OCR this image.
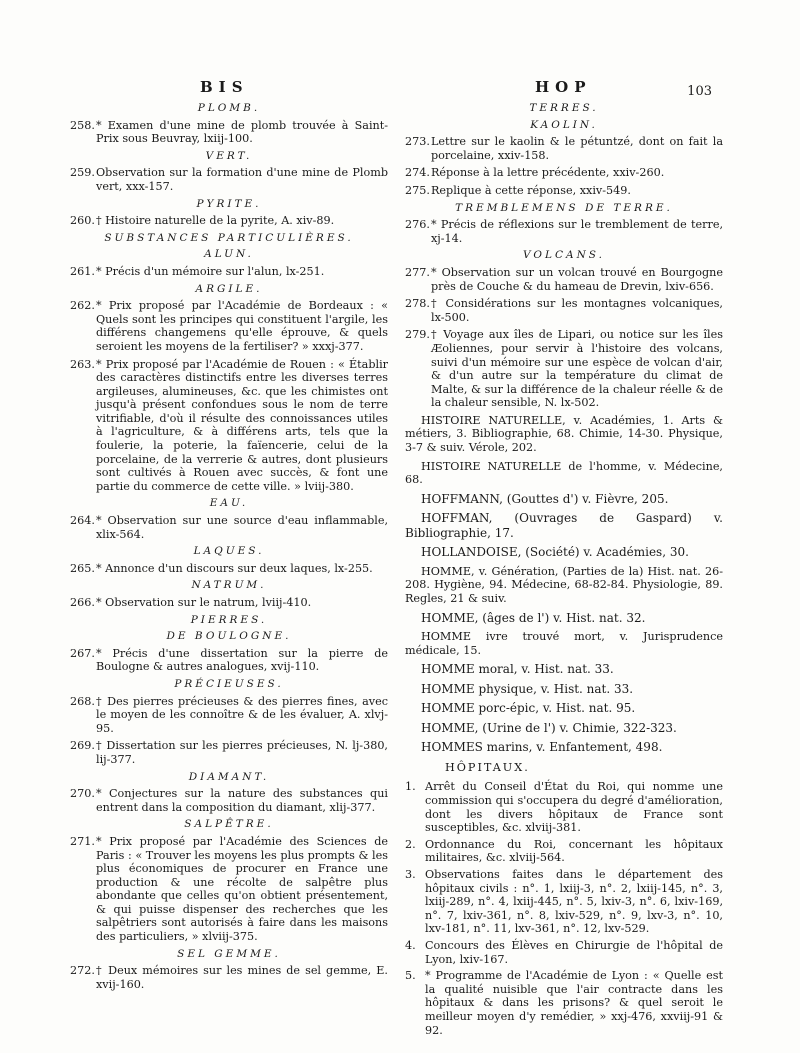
BIS	HOP	103
PLOMB.
258. * Examen d'une mine de plomb trouvée à Saint-Prix sous Beuvray, lxiij-100.
VERT.
259. Observation sur la formation d'une mine de Plomb vert, xxx-157.
PYRITE.
260. † Histoire naturelle de la pyrite, A. xiv-89.
SUBSTANCES PARTICULIÈRES.
ALUN.
261. * Précis d'un mémoire sur l'alun, lx-251.
ARGILE.
262. * Prix proposé par l'Académie de Bordeaux : « Quels sont les principes qui constituent l'argile, les différens changemens qu'elle éprouve, & quels seroient les moyens de la fertiliser? » xxxj-377.
263. * Prix proposé par l'Académie de Rouen : « Établir des caractères distinctifs entre les diverses terres argileuses, alumineuses, &c. que les chimistes ont jusqu'à présent confondues sous le nom de terre vitrifiable, d'où il résulte des connoissances utiles à l'agriculture, & à différens arts, tels que la foulerie, la poterie, la faïencerie, celui de la porcelaine, de la verrerie & autres, dont plusieurs sont cultivés à Rouen avec succès, & font une partie du commerce de cette ville. » lviij-380.
EAU.
264. * Observation sur une source d'eau inflammable, xlix-564.
LAQUES.
265. * Annonce d'un discours sur deux laques, lx-255.
NATRUM.
266. * Observation sur le natrum, lviij-410.
PIERRES.
DE BOULOGNE.
267. * Précis d'une dissertation sur la pierre de Boulogne & autres analogues, xvij-110.
PRÉCIEUSES.
268. † Des pierres précieuses & des pierres fines, avec le moyen de les connoître & de les évaluer, A. xlvj-95.
269. † Dissertation sur les pierres précieuses, N. lj-380, lij-377.
DIAMANT.
270. * Conjectures sur la nature des substances qui entrent dans la composition du diamant, xlij-377.
SALPÊTRE.
271. * Prix proposé par l'Académie des Sciences de Paris : « Trouver les moyens les plus prompts & les plus économiques de procurer en France une production & une récolte de salpêtre plus abondante que celles qu'on obtient présentement, & qui puisse dispenser des recherches que les salpêtriers sont autorisés à faire dans les maisons des particuliers, » xlviij-375.
SEL GEMME.
272. † Deux mémoires sur les mines de sel gemme, E. xvij-160.
TERRES.
KAOLIN.
273. Lettre sur le kaolin & le pétuntzé, dont on fait la porcelaine, xxiv-158.
274. Réponse à la lettre précédente, xxiv-260.
275. Replique à cette réponse, xxiv-549.
TREMBLEMENS DE TERRE.
276. * Précis de réflexions sur le tremblement de terre, xj-14.
VOLCANS.
277. * Observation sur un volcan trouvé en Bourgogne près de Couche & du hameau de Drevin, lxiv-656.
278. † Considérations sur les montagnes volcaniques, lx-500.
279. † Voyage aux îles de Lipari, ou notice sur les îles Æoliennes, pour servir à l'histoire des volcans, suivi d'un mémoire sur une espèce de volcan d'air, & d'un autre sur la température du climat de Malte, & sur la différence de la chaleur réelle & de la chaleur sensible, N. lx-502.
HISTOIRE NATURELLE, v. Académies, 1. Arts & métiers, 3. Bibliographie, 68. Chimie, 14-30. Physique, 3-7 & suiv. Vérole, 202.
HISTOIRE NATURELLE de l'homme, v. Médecine, 68.
HOFFMANN, (Gouttes d') v. Fièvre, 205.
HOFFMAN, (Ouvrages de Gaspard) v. Bibliographie, 17.
HOLLANDOISE, (Société) v. Académies, 30.
HOMME, v. Génération, (Parties de la) Hist. nat. 26-208. Hygiène, 94. Médecine, 68-82-84. Physiologie, 89. Regles, 21 & suiv.
HOMME, (âges de l') v. Hist. nat. 32.
HOMME ivre trouvé mort, v. Jurisprudence médicale, 15.
HOMME moral, v. Hist. nat. 33.
HOMME physique, v. Hist. nat. 33.
HOMME porc-épic, v. Hist. nat. 95.
HOMME, (Urine de l') v. Chimie, 322-323.
HOMMES marins, v. Enfantement, 498.
HÔPITAUX.
1. Arrêt du Conseil d'État du Roi, qui nomme une commission qui s'occupera du degré d'amélioration, dont les divers hôpitaux de France sont susceptibles, &c. xlviij-381.
2. Ordonnance du Roi, concernant les hôpitaux militaires, &c. xlviij-564.
3. Observations faites dans le département des hôpitaux civils : n°. 1, lxiij-3, n°. 2, lxiij-145, n°. 3, lxiij-289, n°. 4, lxiij-445, n°. 5, lxiv-3, n°. 6, lxiv-169, n°. 7, lxiv-361, n°. 8, lxiv-529, n°. 9, lxv-3, n°. 10, lxv-181, n°. 11, lxv-361, n°. 12, lxv-529.
4. Concours des Élèves en Chirurgie de l'hôpital de Lyon, lxiv-167.
5. * Programme de l'Académie de Lyon : « Quelle est la qualité nuisible que l'air contracte dans les hôpitaux & dans les prisons? & quel seroit le meilleur moyen d'y remédier, » xxj-476, xxviij-91 & 92.
